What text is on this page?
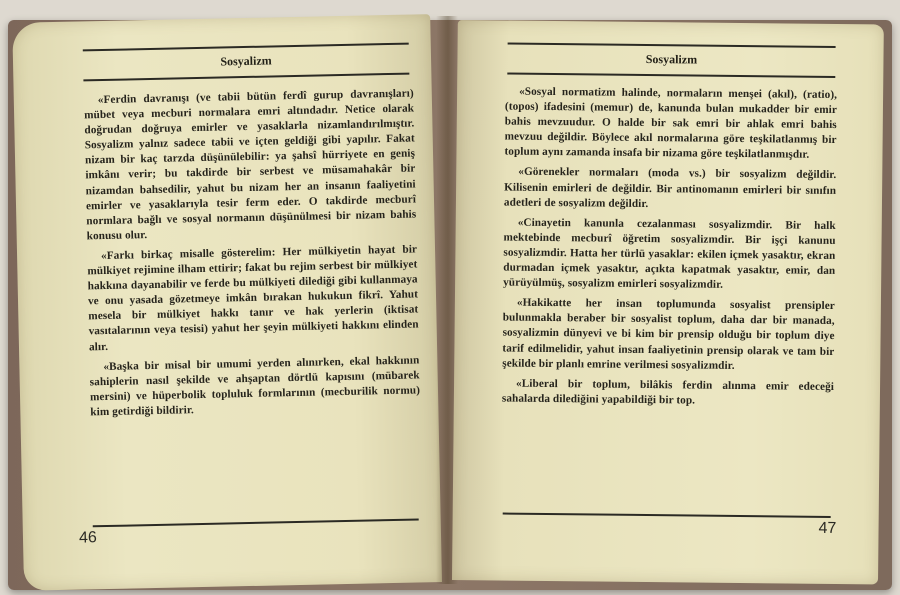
Sosyalizm

«Ferdin davranışı (ve tabii bütün ferdî gurup davranışları) mübet veya mecburi normalara emri altındadır. Netice olarak doğrudan doğruya emirler ve yasaklarla nizamlandırılmıştır. Sosyalizm yalnız sadece tabii ve içten geldiği gibi yapılır. Fakat nizam bir kaç tarzda düşünülebilir: ya şahsî hürriyete en geniş imkânı verir; bu takdirde bir serbest ve müsamahakâr bir nizamdan bahsedilir, yahut bu nizam her an insanın faaliyetini emirler ve yasaklarıyla tesir ferm eder. O takdirde mecburî normlara bağlı ve sosyal normanın düşünülmesi bir nizam bahis konusu olur.

«Farkı birkaç misalle gösterelim: Her mülkiyetin hayat bir mülkiyet rejimine ilham ettirir; fakat bu rejim serbest bir mülkiyet hakkına dayanabilir ve ferde bu mülkiyeti dilediği gibi kullanmaya ve onu yasada gözetmeye imkân bırakan hukukun fikrî. Yahut mesela bir mülkiyet hakkı tanır ve hak yerlerin (iktisat vasıtalarının veya tesisi) yahut her şeyin mülkiyeti hakkını elinden alır.

«Başka bir misal bir umumi yerden alınırken, ekal hakkının sahiplerin nasıl şekilde ve ahşaptan dörtlü kapısını (mübarek mersini) ve hüperbolik topluluk formlarının (mecburilik normu) kim getirdiği bildirir.

46
Sosyalizm

«Sosyal normatizm halinde, normaların menşei (akıl), (ratio), (topos) ifadesini (memur) de, kanunda bulan mukadder bir emir bahis mevzuudur. O halde bir sak emri bir ahlak emri bahis mevzuu değildir. Böylece akıl normalarına göre teşkilatlanmış bir toplum aynı zamanda insafa bir nizama göre teşkilatlanmışdır.

«Görenekler normaları (moda vs.) bir sosyalizm değildir. Kilisenin emirleri de değildir. Bir antinomanın emirleri bir sınıfın adetleri de sosyalizm değildir.

«Cinayetin kanunla cezalanması sosyalizmdir. Bir halk mektebinde mecburî öğretim sosyalizmdir. Bir işçi kanunu sosyalizmdir. Hatta her türlü yasaklar: ekilen içmek yasaktır, ekran durmadan içmek yasaktır, açıkta kapatmak yasaktır, emir, dan yürüyülmüş, sosyalizm emirleri sosyalizmdir.

«Hakikatte her insan toplumunda sosyalist prensipler bulunmakla beraber bir sosyalist toplum, daha dar bir manada, sosyalizmin dünyevi ve bi kim bir prensip olduğu bir toplum diye tarif edilmelidir, yahut insan faaliyetinin prensip olarak ve tam bir şekilde bir planlı emrine verilmesi sosyalizmdir.

«Liberal bir toplum, bilâkis ferdin alınma emir edeceği sahalarda dilediğini yapabildiği bir top.

47
